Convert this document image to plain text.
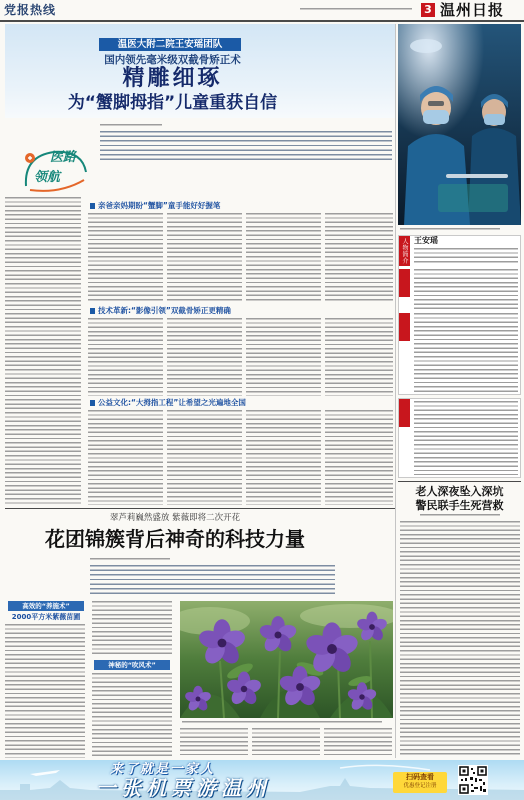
党报热线	3 温州日报
温医大附二院王安瑶团队
国内领先毫米级双截骨矫正术
精雕细琢
为“蟹脚拇指”儿童重获自信
医路
领航
亲爸亲妈期盼“蟹脚”童手能好好握笔
技术革新:“影像引领”双截骨矫正更精确
公益文化:“大拇指工程”让希望之光遍地全国
人物简介 王安瑶
老人深夜坠入深坑
警民联手生死营救
翠芦莉巍然盛放 紫薇即将二次开花
花团锦簇背后神奇的科技力量
高效的“养施术”
2000平方米紫薇苗圃
神秘的“吹风术”
来了就是一家人
一张机票游温州	扫码查看
优惠登记注册
